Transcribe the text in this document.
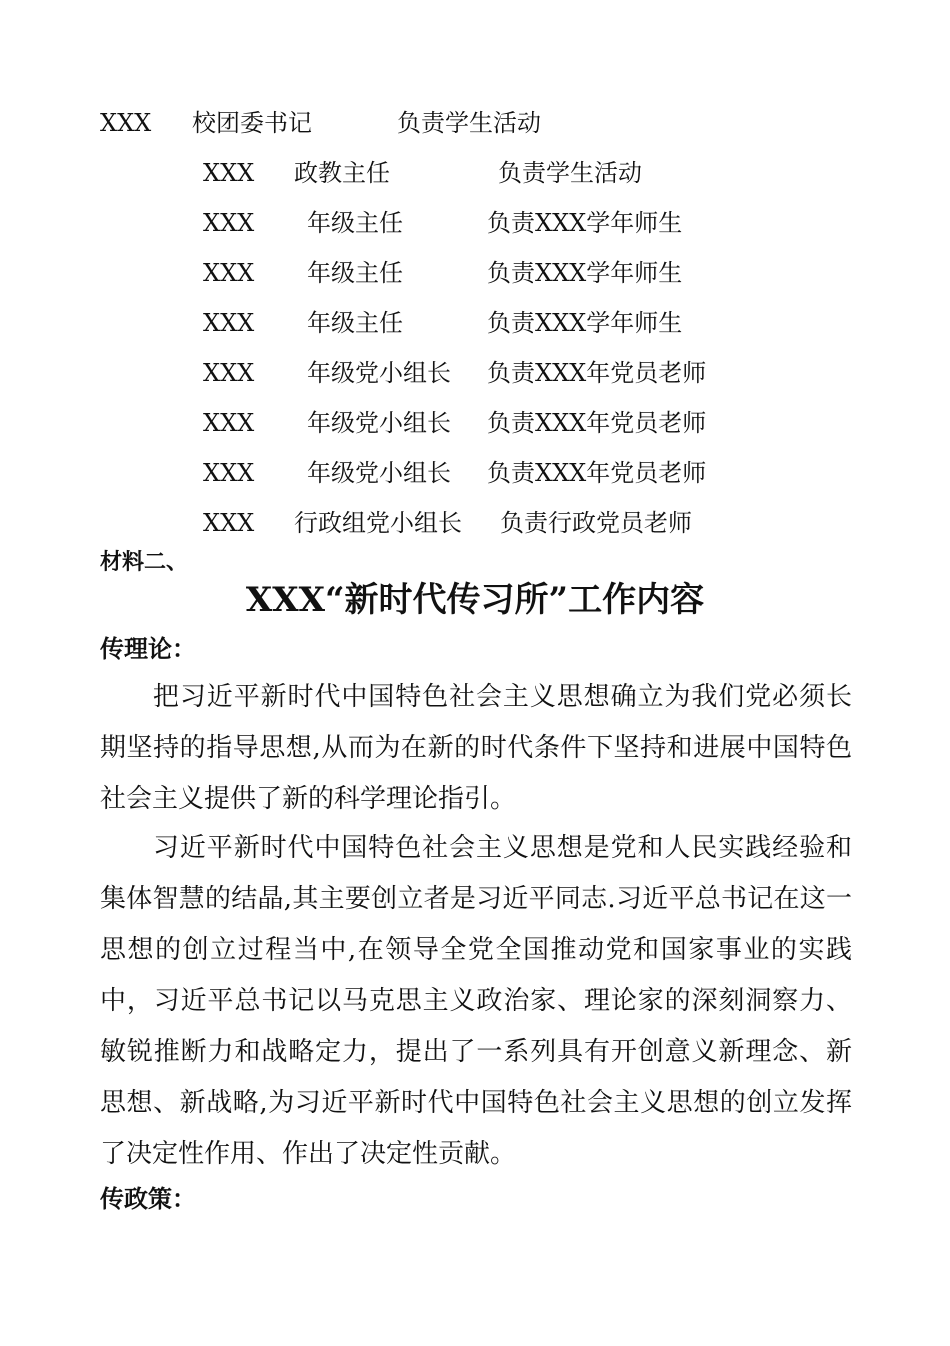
XXX 校团委书记	负责学生活动
XXX 政教主任	负责学生活动
XXX 年级主任	负责XXX学年师生
XXX 年级主任	负责XXX学年师生
XXX 年级主任	负责XXX学年师生
XXX 年级党小组长 负责XXX年党员老师
XXX 年级党小组长 负责XXX年党员老师
XXX 年级党小组长 负责XXX年党员老师
XXX 行政组党小组长 负责行政党员老师
材料二、
XXX“新时代传习所”工作内容
传理论：
把习近平新时代中国特色社会主义思想确立为我们党必须长期坚持的指导思想,从而为在新的时代条件下坚持和进展中国特色社会主义提供了新的科学理论指引。
习近平新时代中国特色社会主义思想是党和人民实践经验和集体智慧的结晶,其主要创立者是习近平同志.习近平总书记在这一思想的创立过程当中,在领导全党全国推动党和国家事业的实践中，习近平总书记以马克思主义政治家、理论家的深刻洞察力、敏锐推断力和战略定力，提出了一系列具有开创意义新理念、新思想、新战略,为习近平新时代中国特色社会主义思想的创立发挥了决定性作用、作出了决定性贡献。
传政策：
